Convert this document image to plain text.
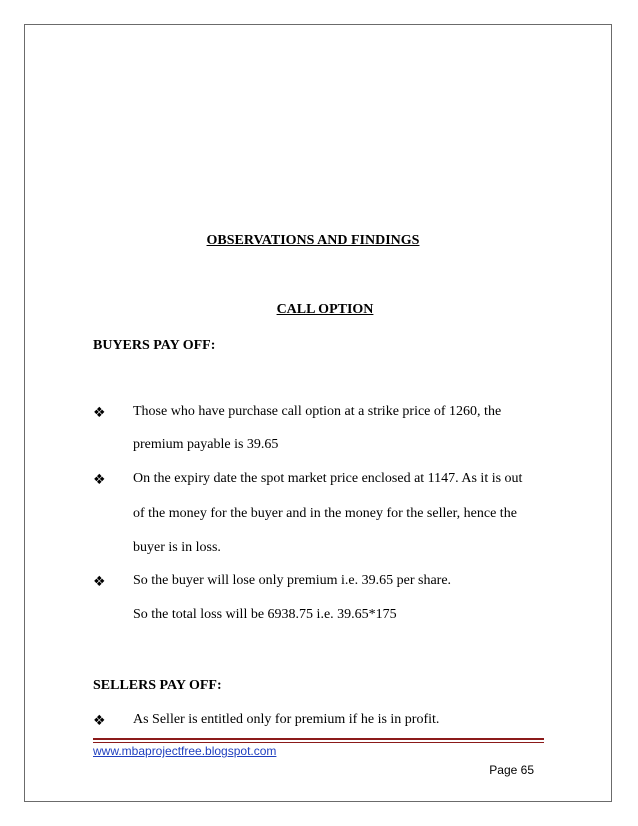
OBSERVATIONS AND FINDINGS
CALL OPTION
BUYERS PAY OFF:
❖ Those who have purchase call option at a strike price of 1260, the
premium payable is 39.65
❖ On the expiry date the spot market price enclosed at 1147. As it is out
of the money for the buyer and in the money for the seller, hence the
buyer is in loss.
❖ So the buyer will lose only premium i.e. 39.65 per share.
So the total loss will be 6938.75 i.e. 39.65*175
SELLERS PAY OFF:
❖ As Seller is entitled only for premium if he is in profit.
www.mbaprojectfree.blogspot.com
Page 65
